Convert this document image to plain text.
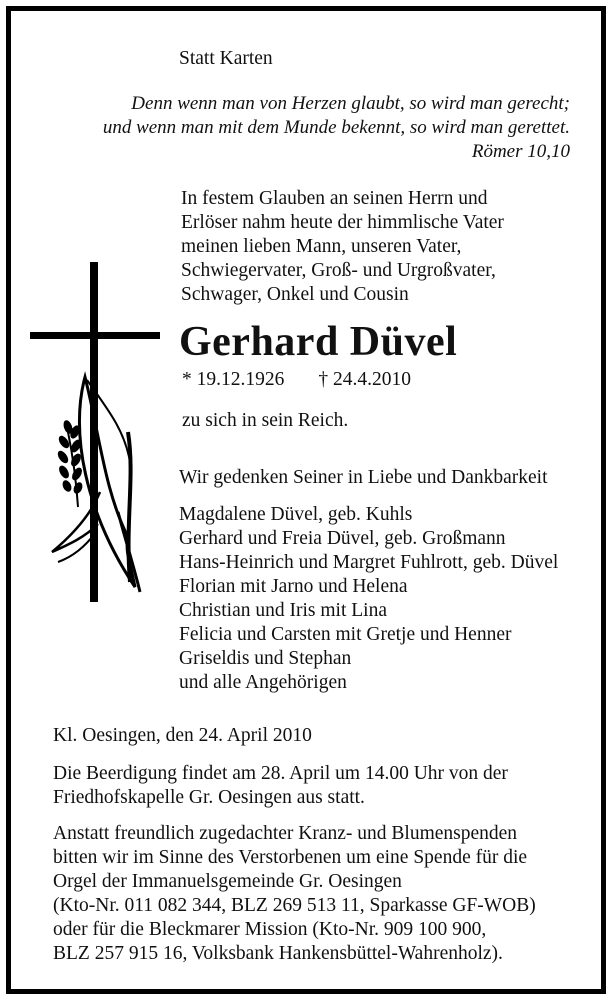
Statt Karten

Denn wenn man von Herzen glaubt, so wird man gerecht;
und wenn man mit dem Munde bekennt, so wird man gerettet.
Römer 10,10
In festem Glauben an seinen Herrn und
Erlöser nahm heute der himmlische Vater
meinen lieben Mann, unseren Vater,
Schwiegervater, Groß- und Urgroßvater,
Schwager, Onkel und Cousin

Gerhard Düvel

* 19.12.1926 † 24.4.2010

zu sich in sein Reich.

Wir gedenken Seiner in Liebe und Dankbarkeit

Magdalene Düvel, geb. Kuhls
Gerhard und Freia Düvel, geb. Großmann
Hans-Heinrich und Margret Fuhlrott, geb. Düvel
Florian mit Jarno und Helena
Christian und Iris mit Lina
Felicia und Carsten mit Gretje und Henner
Griseldis und Stephan
und alle Angehörigen

Kl. Oesingen, den 24. April 2010

Die Beerdigung findet am 28. April um 14.00 Uhr von der
Friedhofskapelle Gr. Oesingen aus statt.
Anstatt freundlich zugedachter Kranz- und Blumenspenden
bitten wir im Sinne des Verstorbenen um eine Spende für die
Orgel der Immanuelsgemeinde Gr. Oesingen
(Kto-Nr. 011 082 344, BLZ 269 513 11, Sparkasse GF-WOB)
oder für die Bleckmarer Mission (Kto-Nr. 909 100 900,
BLZ 257 915 16, Volksbank Hankensbüttel-Wahrenholz).
